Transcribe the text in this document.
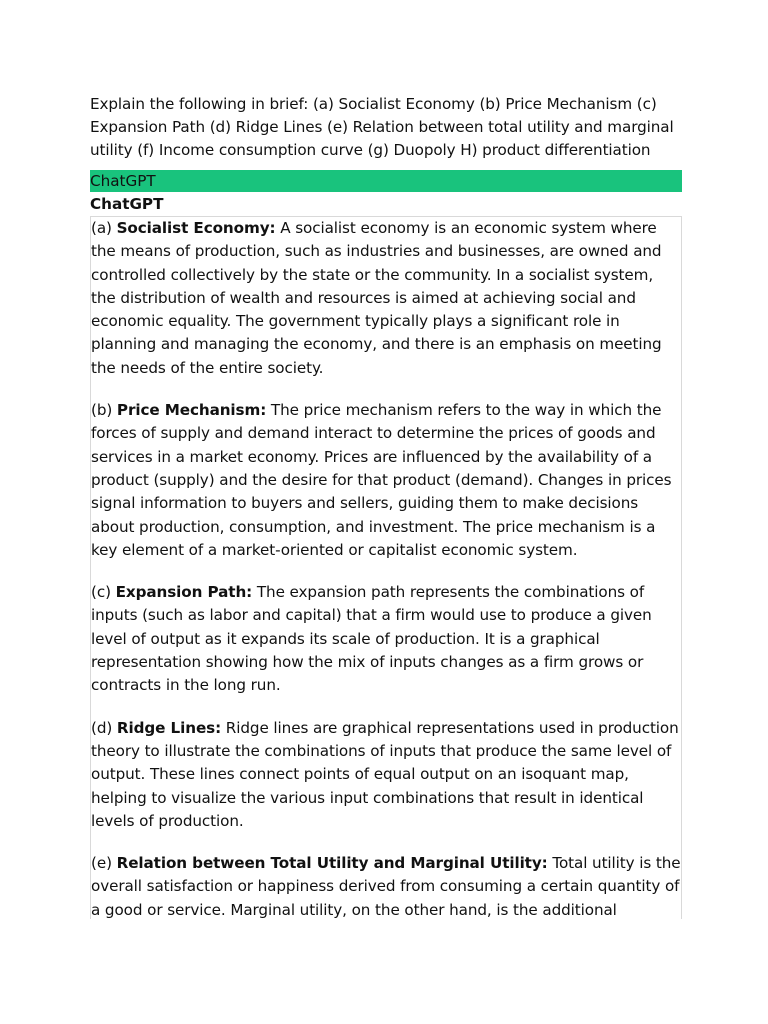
Explain the following in brief: (a) Socialist Economy (b) Price Mechanism (c) Expansion Path (d) Ridge Lines (e) Relation between total utility and marginal utility (f) Income consumption curve (g) Duopoly H) product differentiation

ChatGPT
ChatGPT

(a) Socialist Economy: A socialist economy is an economic system where the means of production, such as industries and businesses, are owned and controlled collectively by the state or the community. In a socialist system, the distribution of wealth and resources is aimed at achieving social and economic equality. The government typically plays a significant role in planning and managing the economy, and there is an emphasis on meeting the needs of the entire society.

(b) Price Mechanism: The price mechanism refers to the way in which the forces of supply and demand interact to determine the prices of goods and services in a market economy. Prices are influenced by the availability of a product (supply) and the desire for that product (demand). Changes in prices signal information to buyers and sellers, guiding them to make decisions about production, consumption, and investment. The price mechanism is a key element of a market-oriented or capitalist economic system.

(c) Expansion Path: The expansion path represents the combinations of inputs (such as labor and capital) that a firm would use to produce a given level of output as it expands its scale of production. It is a graphical representation showing how the mix of inputs changes as a firm grows or contracts in the long run.

(d) Ridge Lines: Ridge lines are graphical representations used in production theory to illustrate the combinations of inputs that produce the same level of output. These lines connect points of equal output on an isoquant map, helping to visualize the various input combinations that result in identical levels of production.

(e) Relation between Total Utility and Marginal Utility: Total utility is the overall satisfaction or happiness derived from consuming a certain quantity of a good or service. Marginal utility, on the other hand, is the additional
